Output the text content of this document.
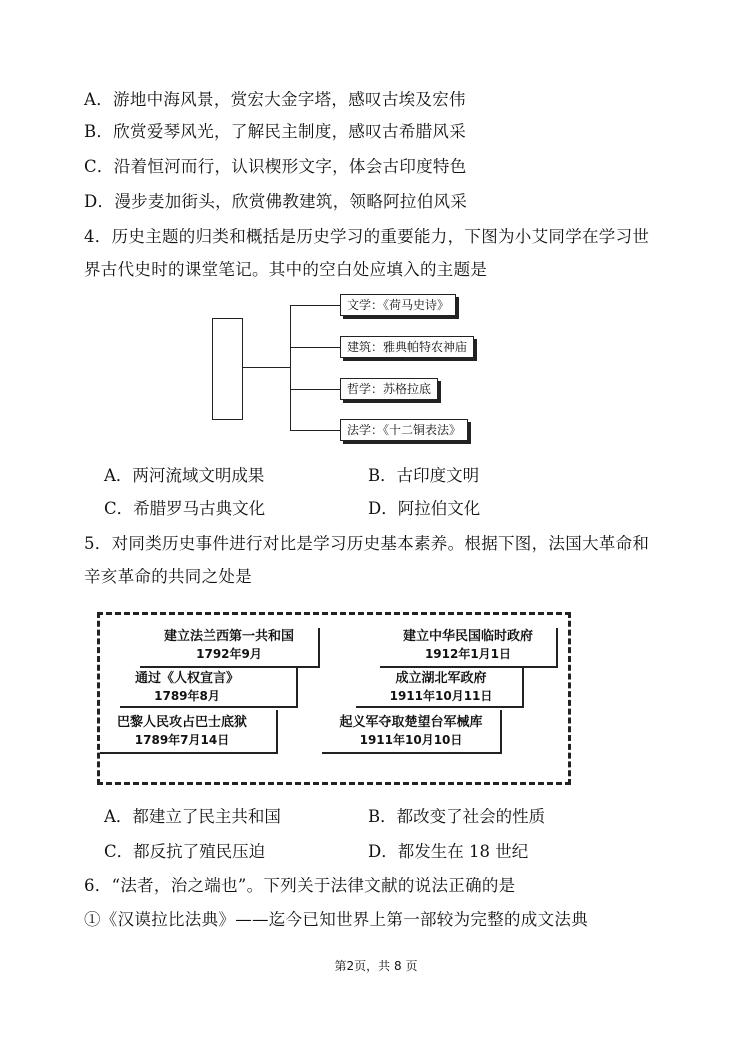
A．游地中海风景，赏宏大金字塔，感叹古埃及宏伟
B．欣赏爱琴风光，了解民主制度，感叹古希腊风采
C．沿着恒河而行，认识楔形文字，体会古印度特色
D．漫步麦加街头，欣赏佛教建筑，领略阿拉伯风采
4．历史主题的归类和概括是历史学习的重要能力，下图为小艾同学在学习世
界古代史时的课堂笔记。其中的空白处应填入的主题是
文学：《荷马史诗》
建筑：雅典帕特农神庙
哲学：苏格拉底
法学：《十二铜表法》
A．两河流域文明成果	B．古印度文明
C．希腊罗马古典文化	D．阿拉伯文化
5．对同类历史事件进行对比是学习历史基本素养。根据下图，法国大革命和
辛亥革命的共同之处是
建立法兰西第一共和国
1792年9月
通过《人权宣言》
1789年8月
巴黎人民攻占巴士底狱
1789年7月14日
建立中华民国临时政府
1912年1月1日
成立湖北军政府
1911年10月11日
起义军夺取楚望台军械库
1911年10月10日
A．都建立了民主共和国	B．都改变了社会的性质
C．都反抗了殖民压迫	D．都发生在 18 世纪
6．“法者，治之端也”。下列关于法律文献的说法正确的是
①《汉谟拉比法典》——迄今已知世界上第一部较为完整的成文法典
第2页，共 8 页
